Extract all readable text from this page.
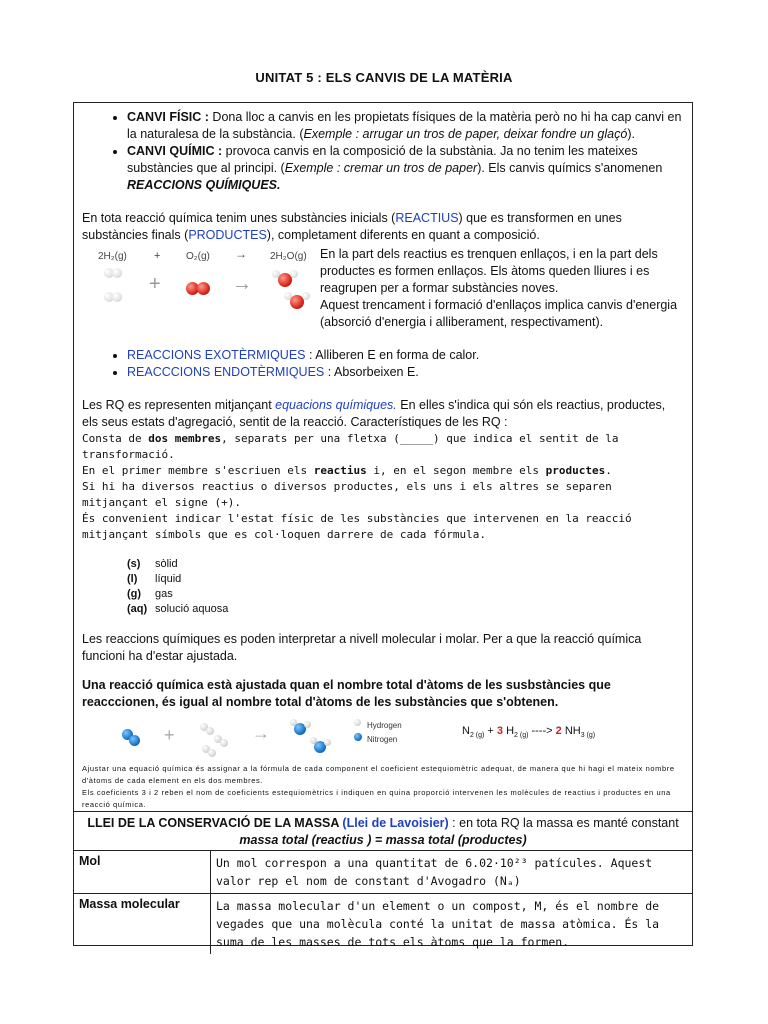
UNITAT 5 : ELS CANVIS DE LA MATÈRIA
• CANVI FÍSIC : Dona lloc a canvis en les propietats físiques de la matèria però no hi ha cap canvi en la naturalesa de la substància. (Exemple : arrugar un tros de paper, deixar fondre un glaçó).
• CANVI QUÍMIC : provoca canvis en la composició de la substània. Ja no tenim les mateixes substàncies que al principi. (Exemple : cremar un tros de paper). Els canvis químics s'anomenen REACCIONS QUÍMIQUES.

En tota reacció química tenim unes substàncies inicials (REACTIUS) que es transformen en unes substàncies finals (PRODUCTES), completament diferents en quant a composició.

2H₂(g) +	O₂(g) → 2H₂O(g)
+	→

En la part dels reactius es trenquen enllaços, i en la part dels productes es formen enllaços. Els àtoms queden lliures i es reagrupen per a formar substàncies noves.

Aquest trencament i formació d'enllaços implica canvis d'energia (absorció d'energia i alliberament, respectivament).

• REACCIONS EXOTÈRMIQUES : Alliberen E en forma de calor.
• REACCCIONS ENDOTÈRMIQUES : Absorbeixen E.

Les RQ es representen mitjançant equacions químiques. En elles s'indica qui són els reactius, productes, els seus estats d'agregació, sentit de la reacció. Característiques de les RQ :

Consta de dos membres, separats per una fletxa (_____) que indica el sentit de la transformació.

En el primer membre s'escriuen els reactius i, en el segon membre els productes.

Si hi ha diversos reactius o diversos productes, els uns i els altres se separen mitjançant el signe (+).

És convenient indicar l'estat físic de les substàncies que intervenen en la reacció mitjançant símbols que es col·loquen darrere de cada fórmula.

(s) sòlid

(l) líquid

(g) gas

(aq) solució aquosa

Les reaccions químiques es poden interpretar a nivell molecular i molar. Per a que la reacció química funcioni ha d'estar ajustada.

Una reacció química està ajustada quan el nombre total d'àtoms de les susbstàncies que reacccionen, és igual al nombre total d'àtoms de les substàncies que s'obtenen.

+	→	Hydrogen
Nitrogen
$N_{2 (g)} + 3$ $H_{2 (g)}$ ----> 2 $NH_{3 (g)}$

Ajustar una equació química és assignar a la fórmula de cada component el coeficient estequiomètric adequat, de manera que hi hagi el mateix nombre d'àtoms de cada element en els dos membres.

Els coeficients 3 i 2 reben el nom de coeficients estequiomètrics i indiquen en quina proporció intervenen les molècules de reactius i productes en una reacció química.

LLEI DE LA CONSERVACIÓ DE LA MASSA (Llei de Lavoisier) : en tota RQ la massa es manté constant
massa total (reactius ) = massa total (productes)
Mol	Un mol correspon a una quantitat de 6.02·10²³ patícules. Aquest valor rep el nom de constant d'Avogadro (Nₐ)
Massa molecular	La massa molecular d'un element o un compost, M, és el nombre de vegades que una molècula conté la unitat de massa atòmica. És la suma de les masses de tots els àtoms que la formen.
